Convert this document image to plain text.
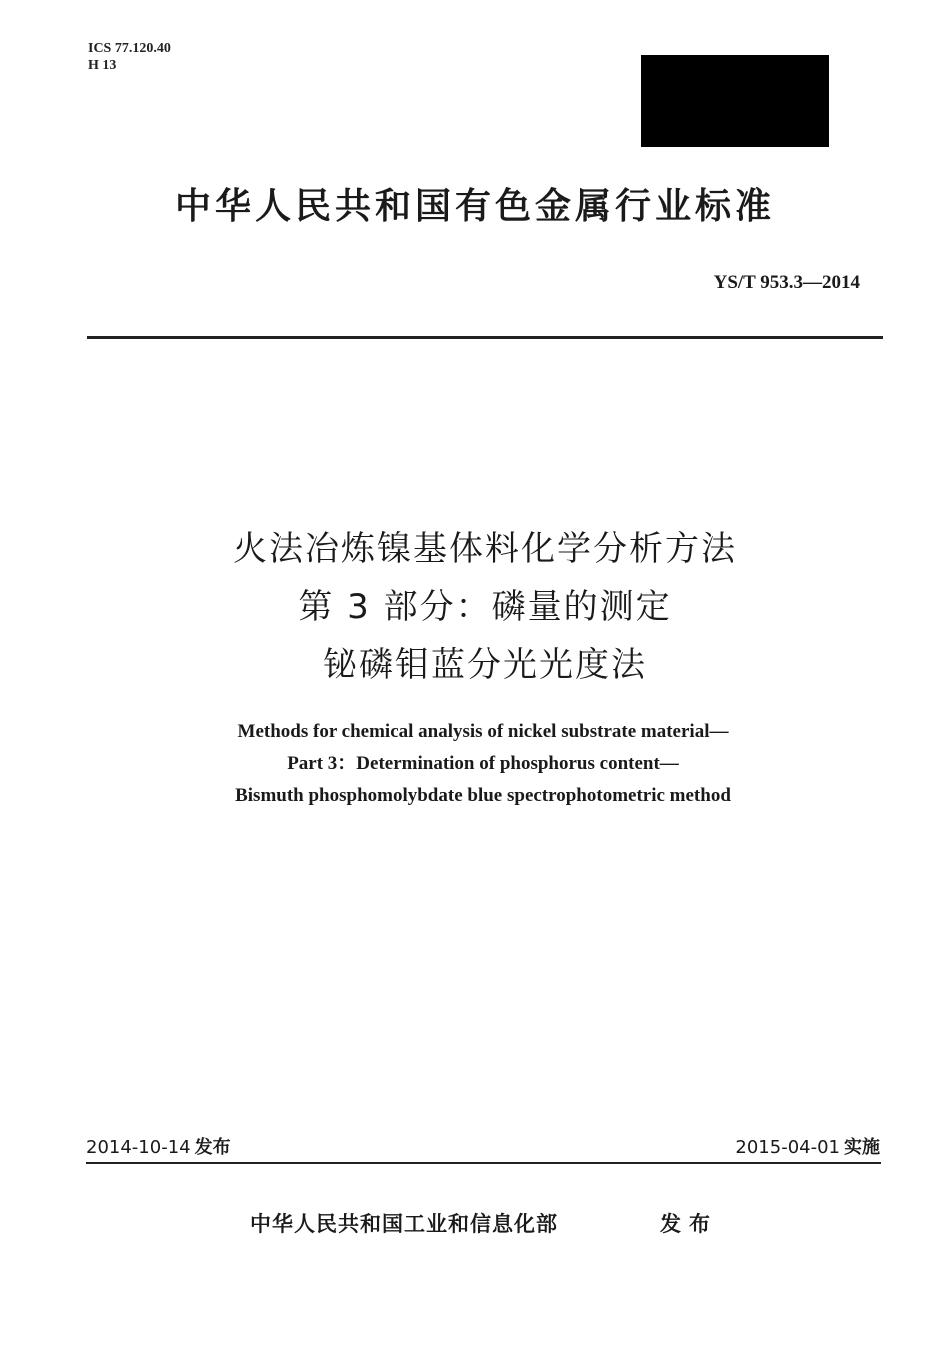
ICS 77.120.40
H 13
中华人民共和国有色金属行业标准
YS/T 953.3—2014
火法冶炼镍基体料化学分析方法
第 3 部分：磷量的测定
铋磷钼蓝分光光度法
Methods for chemical analysis of nickel substrate material—
Part 3：Determination of phosphorus content—
Bismuth phosphomolybdate blue spectrophotometric method
2014-10-14 发布	2015-04-01 实施
中华人民共和国工业和信息化部	发布
